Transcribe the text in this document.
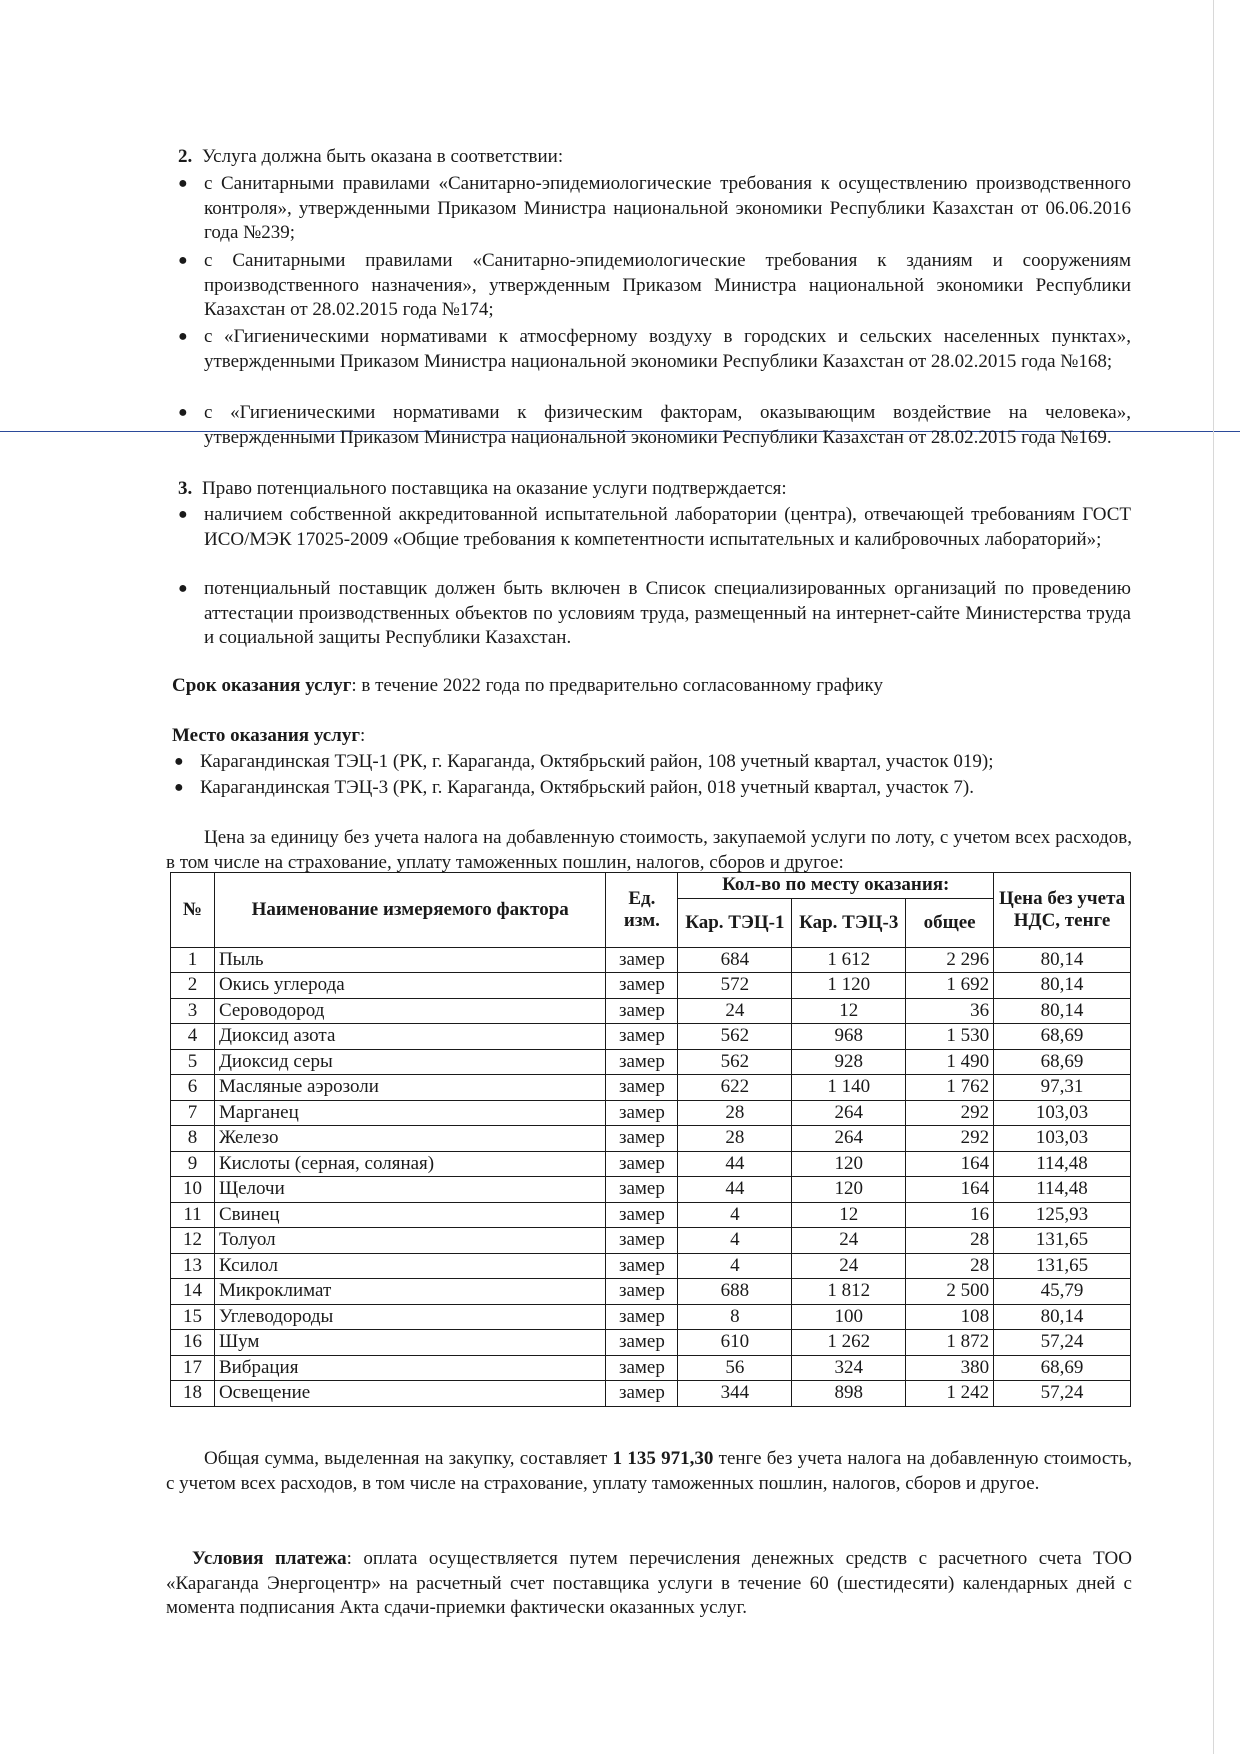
2. Услуга должна быть оказана в соответствии:
● с Санитарными правилами «Санитарно-эпидемиологические требования к осуществлению производственного контроля», утвержденными Приказом Министра национальной экономики Республики Казахстан от 06.06.2016 года №239;
● с Санитарными правилами «Санитарно-эпидемиологические требования к зданиям и сооружениям производственного назначения», утвержденным Приказом Министра национальной экономики Республики Казахстан от 28.02.2015 года №174;
● с «Гигиеническими нормативами к атмосферному воздуху в городских и сельских населенных пунктах», утвержденными Приказом Министра национальной экономики Республики Казахстан от 28.02.2015 года №168;
● с «Гигиеническими нормативами к физическим факторам, оказывающим воздействие на человека», утвержденными Приказом Министра национальной экономики Республики Казахстан от 28.02.2015 года №169.
3. Право потенциального поставщика на оказание услуги подтверждается:
● наличием собственной аккредитованной испытательной лаборатории (центра), отвечающей требованиям ГОСТ ИСО/МЭК 17025-2009 «Общие требования к компетентности испытательных и калибровочных лабораторий»;
● потенциальный поставщик должен быть включен в Список специализированных организаций по проведению аттестации производственных объектов по условиям труда, размещенный на интернет-сайте Министерства труда и социальной защиты Республики Казахстан.
Срок оказания услуг: в течение 2022 года по предварительно согласованному графику
Место оказания услуг:
● Карагандинская ТЭЦ-1 (РК, г. Караганда, Октябрьский район, 108 учетный квартал, участок 019);
● Карагандинская ТЭЦ-3 (РК, г. Караганда, Октябрьский район, 018 учетный квартал, участок 7).
Цена за единицу без учета налога на добавленную стоимость, закупаемой услуги по лоту, с учетом всех расходов, в том числе на страхование, уплату таможенных пошлин, налогов, сборов и другое:
№	Наименование измеряемого фактора	Ед. изм.	Кол-во по месту оказания:			Цена без учета НДС, тенге
			Кар. ТЭЦ-1	Кар. ТЭЦ-3	общее	
1	Пыль	замер	684	1 612	2 296	80,14
2	Окись углерода	замер	572	1 120	1 692	80,14
3	Сероводород	замер	24	12	36	80,14
4	Диоксид азота	замер	562	968	1 530	68,69
5	Диоксид серы	замер	562	928	1 490	68,69
6	Масляные аэрозоли	замер	622	1 140	1 762	97,31
7	Марганец	замер	28	264	292	103,03
8	Железо	замер	28	264	292	103,03
9	Кислоты (серная, соляная)	замер	44	120	164	114,48
10	Щелочи	замер	44	120	164	114,48
11	Свинец	замер	4	12	16	125,93
12	Толуол	замер	4	24	28	131,65
13	Ксилол	замер	4	24	28	131,65
14	Микроклимат	замер	688	1 812	2 500	45,79
15	Углеводороды	замер	8	100	108	80,14
16	Шум	замер	610	1 262	1 872	57,24
17	Вибрация	замер	56	324	380	68,69
18	Освещение	замер	344	898	1 242	57,24
Общая сумма, выделенная на закупку, составляет 1 135 971,30 тенге без учета налога на добавленную стоимость, с учетом всех расходов, в том числе на страхование, уплату таможенных пошлин, налогов, сборов и другое.
Условия платежа: оплата осуществляется путем перечисления денежных средств с расчетного счета ТОО «Караганда Энергоцентр» на расчетный счет поставщика услуги в течение 60 (шестидесяти) календарных дней с момента подписания Акта сдачи-приемки фактически оказанных услуг.
